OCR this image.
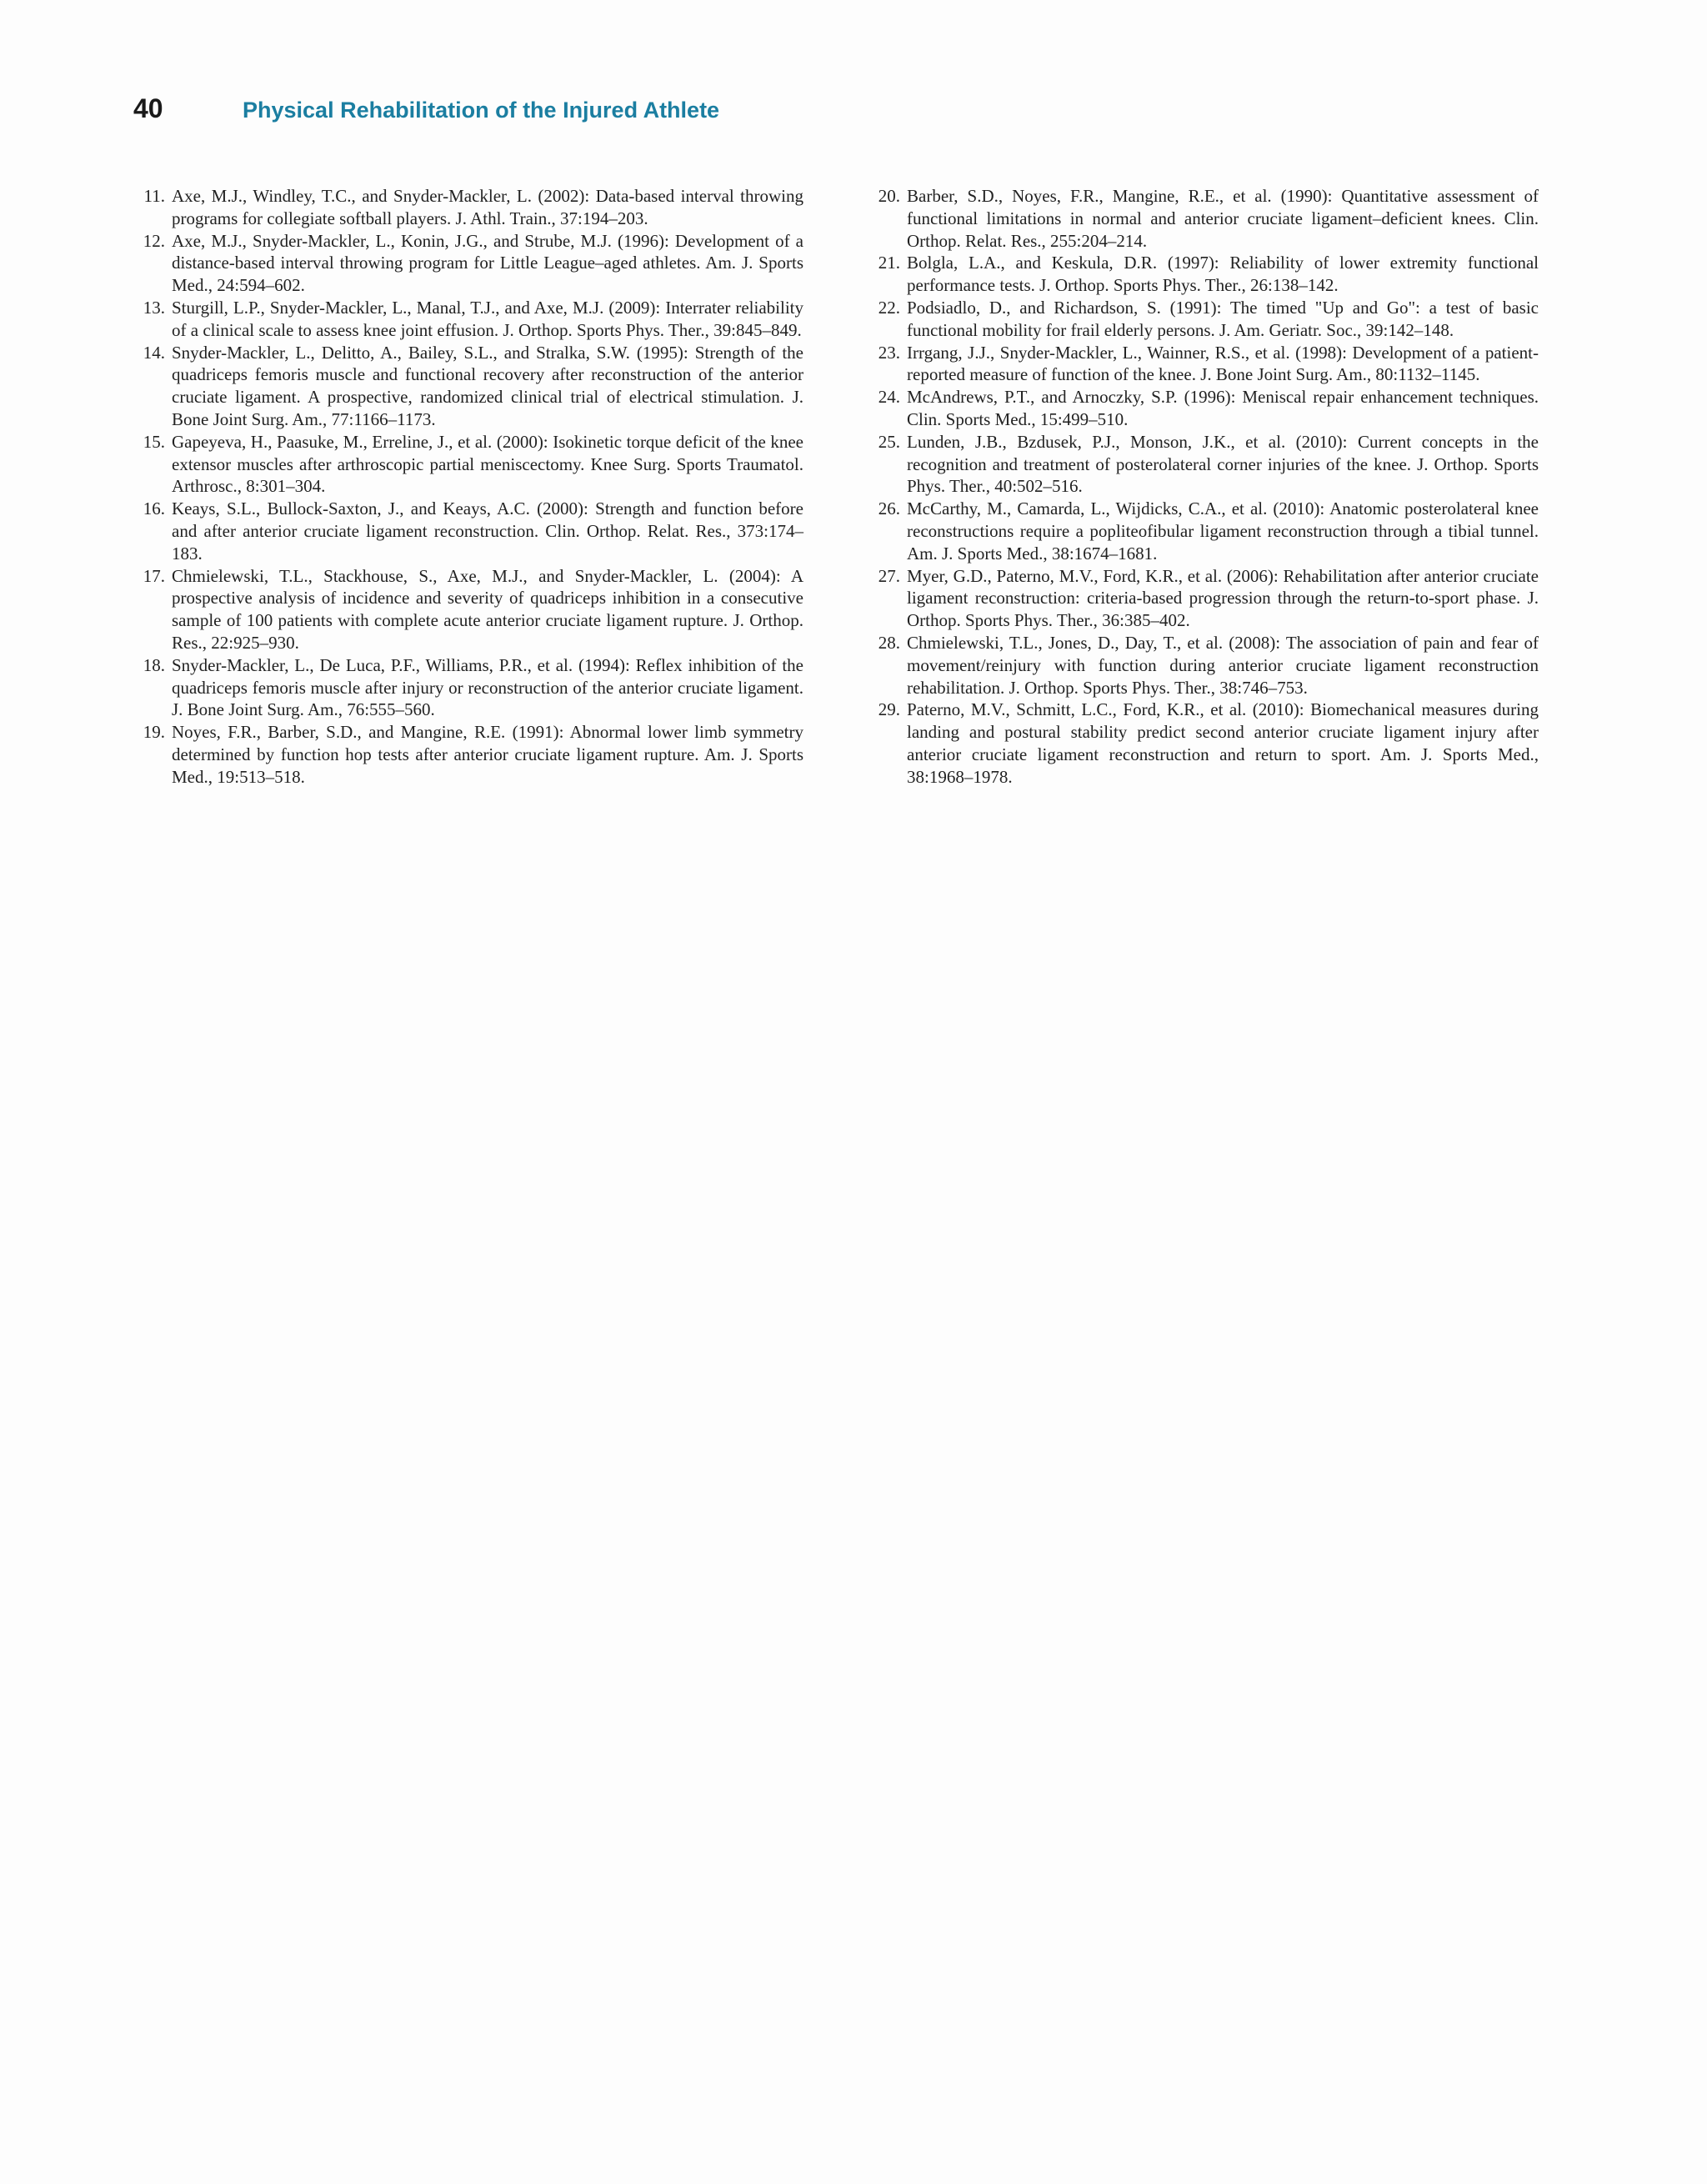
40	Physical Rehabilitation of the Injured Athlete
11. Axe, M.J., Windley, T.C., and Snyder-Mackler, L. (2002): Data-based interval throwing programs for collegiate softball players. J. Athl. Train., 37:194–203.
12. Axe, M.J., Snyder-Mackler, L., Konin, J.G., and Strube, M.J. (1996): Development of a distance-based interval throwing program for Little League–aged athletes. Am. J. Sports Med., 24:594–602.
13. Sturgill, L.P., Snyder-Mackler, L., Manal, T.J., and Axe, M.J. (2009): Interrater reliability of a clinical scale to assess knee joint effusion. J. Orthop. Sports Phys. Ther., 39:845–849.
14. Snyder-Mackler, L., Delitto, A., Bailey, S.L., and Stralka, S.W. (1995): Strength of the quadriceps femoris muscle and functional recovery after reconstruction of the anterior cruciate ligament. A prospective, randomized clinical trial of electrical stimulation. J. Bone Joint Surg. Am., 77:1166–1173.
15. Gapeyeva, H., Paasuke, M., Erreline, J., et al. (2000): Isokinetic torque deficit of the knee extensor muscles after arthroscopic partial meniscectomy. Knee Surg. Sports Traumatol. Arthrosc., 8:301–304.
16. Keays, S.L., Bullock-Saxton, J., and Keays, A.C. (2000): Strength and function before and after anterior cruciate ligament reconstruction. Clin. Orthop. Relat. Res., 373:174–183.
17. Chmielewski, T.L., Stackhouse, S., Axe, M.J., and Snyder-Mackler, L. (2004): A prospective analysis of incidence and severity of quadriceps inhibition in a consecutive sample of 100 patients with complete acute anterior cruciate ligament rupture. J. Orthop. Res., 22:925–930.
18. Snyder-Mackler, L., De Luca, P.F., Williams, P.R., et al. (1994): Reflex inhibition of the quadriceps femoris muscle after injury or reconstruction of the anterior cruciate ligament. J. Bone Joint Surg. Am., 76:555–560.
19. Noyes, F.R., Barber, S.D., and Mangine, R.E. (1991): Abnormal lower limb symmetry determined by function hop tests after anterior cruciate ligament rupture. Am. J. Sports Med., 19:513–518.
20. Barber, S.D., Noyes, F.R., Mangine, R.E., et al. (1990): Quantitative assessment of functional limitations in normal and anterior cruciate ligament–deficient knees. Clin. Orthop. Relat. Res., 255:204–214.
21. Bolgla, L.A., and Keskula, D.R. (1997): Reliability of lower extremity functional performance tests. J. Orthop. Sports Phys. Ther., 26:138–142.
22. Podsiadlo, D., and Richardson, S. (1991): The timed "Up and Go": a test of basic functional mobility for frail elderly persons. J. Am. Geriatr. Soc., 39:142–148.
23. Irrgang, J.J., Snyder-Mackler, L., Wainner, R.S., et al. (1998): Development of a patient-reported measure of function of the knee. J. Bone Joint Surg. Am., 80:1132–1145.
24. McAndrews, P.T., and Arnoczky, S.P. (1996): Meniscal repair enhancement techniques. Clin. Sports Med., 15:499–510.
25. Lunden, J.B., Bzdusek, P.J., Monson, J.K., et al. (2010): Current concepts in the recognition and treatment of posterolateral corner injuries of the knee. J. Orthop. Sports Phys. Ther., 40:502–516.
26. McCarthy, M., Camarda, L., Wijdicks, C.A., et al. (2010): Anatomic posterolateral knee reconstructions require a popliteofibular ligament reconstruction through a tibial tunnel. Am. J. Sports Med., 38:1674–1681.
27. Myer, G.D., Paterno, M.V., Ford, K.R., et al. (2006): Rehabilitation after anterior cruciate ligament reconstruction: criteria-based progression through the return-to-sport phase. J. Orthop. Sports Phys. Ther., 36:385–402.
28. Chmielewski, T.L., Jones, D., Day, T., et al. (2008): The association of pain and fear of movement/reinjury with function during anterior cruciate ligament reconstruction rehabilitation. J. Orthop. Sports Phys. Ther., 38:746–753.
29. Paterno, M.V., Schmitt, L.C., Ford, K.R., et al. (2010): Biomechanical measures during landing and postural stability predict second anterior cruciate ligament injury after anterior cruciate ligament reconstruction and return to sport. Am. J. Sports Med., 38:1968–1978.
